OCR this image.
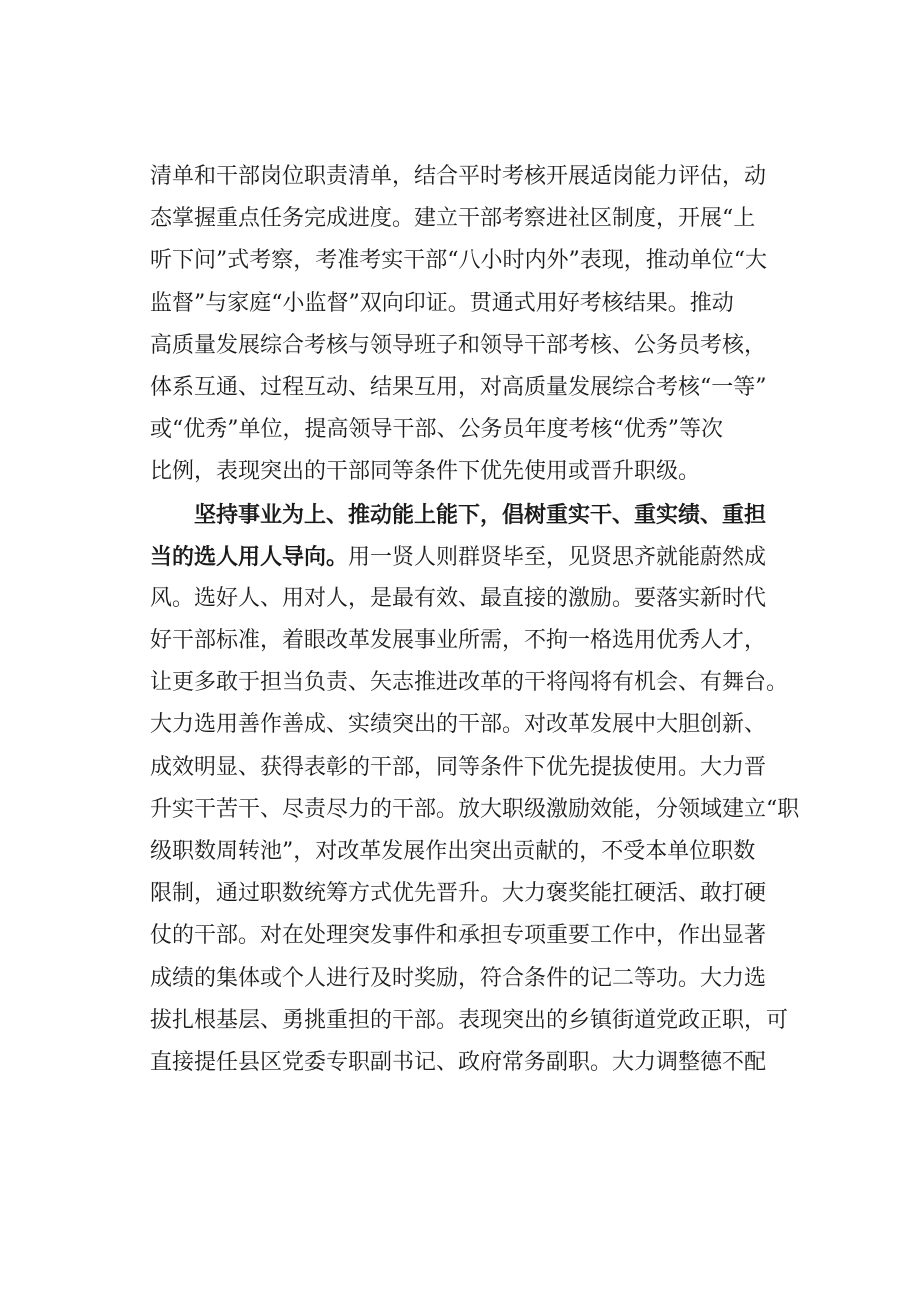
清单和干部岗位职责清单，结合平时考核开展适岗能力评估，动
态掌握重点任务完成进度。建立干部考察进社区制度，开展“上
听下问”式考察，考准考实干部“八小时内外”表现，推动单位“大
监督”与家庭“小监督”双向印证。贯通式用好考核结果。推动
高质量发展综合考核与领导班子和领导干部考核、公务员考核，
体系互通、过程互动、结果互用，对高质量发展综合考核“一等”
或“优秀”单位，提高领导干部、公务员年度考核“优秀”等次
比例，表现突出的干部同等条件下优先使用或晋升职级。
坚持事业为上、推动能上能下，倡树重实干、重实绩、重担
当的选人用人导向。用一贤人则群贤毕至，见贤思齐就能蔚然成
风。选好人、用对人，是最有效、最直接的激励。要落实新时代
好干部标准，着眼改革发展事业所需，不拘一格选用优秀人才，
让更多敢于担当负责、矢志推进改革的干将闯将有机会、有舞台。
大力选用善作善成、实绩突出的干部。对改革发展中大胆创新、
成效明显、获得表彰的干部，同等条件下优先提拔使用。大力晋
升实干苦干、尽责尽力的干部。放大职级激励效能，分领域建立“职
级职数周转池”，对改革发展作出突出贡献的，不受本单位职数
限制，通过职数统筹方式优先晋升。大力褒奖能扛硬活、敢打硬
仗的干部。对在处理突发事件和承担专项重要工作中，作出显著
成绩的集体或个人进行及时奖励，符合条件的记二等功。大力选
拔扎根基层、勇挑重担的干部。表现突出的乡镇街道党政正职，可
直接提任县区党委专职副书记、政府常务副职。大力调整德不配
